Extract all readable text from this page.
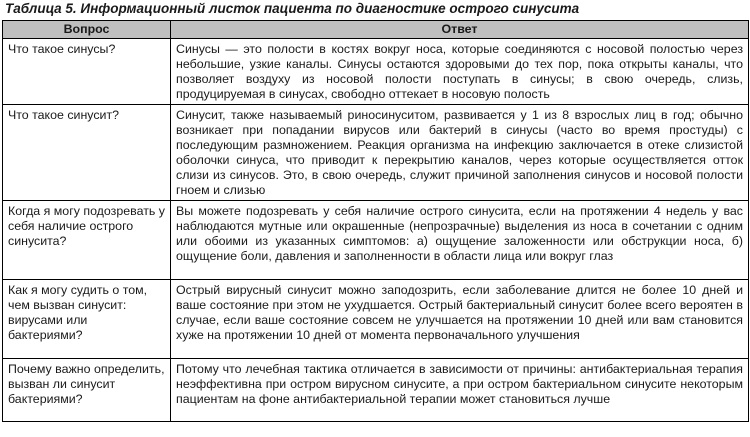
Таблица 5. Информационный листок пациента по диагностике острого синусита
Вопрос	Ответ
Что такое синусы?	Синусы — это полости в костях вокруг носа, которые соединяются с носовой полостью через небольшие, узкие каналы. Синусы остаются здоровыми до тех пор, пока открыты каналы, что позволяет воздуху из носовой полости поступать в синусы; в свою очередь, слизь, продуцируемая в синусах, свободно оттекает в носовую полость
Что такое синусит?	Синусит, также называемый риносинуситом, развивается у 1 из 8 взрослых лиц в год; обычно возникает при попадании вирусов или бактерий в синусы (часто во время простуды) с последующим размножением. Реакция организма на инфекцию заключается в отеке слизистой оболочки синуса, что приводит к перекрытию каналов, через которые осуществляется отток слизи из синусов. Это, в свою очередь, служит причиной заполнения синусов и носовой полости гноем и слизью
Когда я могу подозревать у себя наличие острого синусита?	Вы можете подозревать у себя наличие острого синусита, если на протяжении 4 недель у вас наблюдаются мутные или окрашенные (непрозрачные) выделения из носа в сочетании с одним или обоими из указанных симптомов: а) ощущение заложенности или обструкции носа, б) ощущение боли, давления и заполненности в области лица или вокруг глаз
Как я могу судить о том, чем вызван синусит: вирусами или бактериями?	Острый вирусный синусит можно заподозрить, если заболевание длится не более 10 дней и ваше состояние при этом не ухудшается. Острый бактериальный синусит более всего вероятен в случае, если ваше состояние совсем не улучшается на протяжении 10 дней или вам становится хуже на протяжении 10 дней от момента первоначального улучшения
Почему важно определить, вызван ли синусит бактериями?	Потому что лечебная тактика отличается в зависимости от причины: антибактериальная терапия неэффективна при остром вирусном синусите, а при остром бактериальном синусите некоторым пациентам на фоне антибактериальной терапии может становиться лучше
